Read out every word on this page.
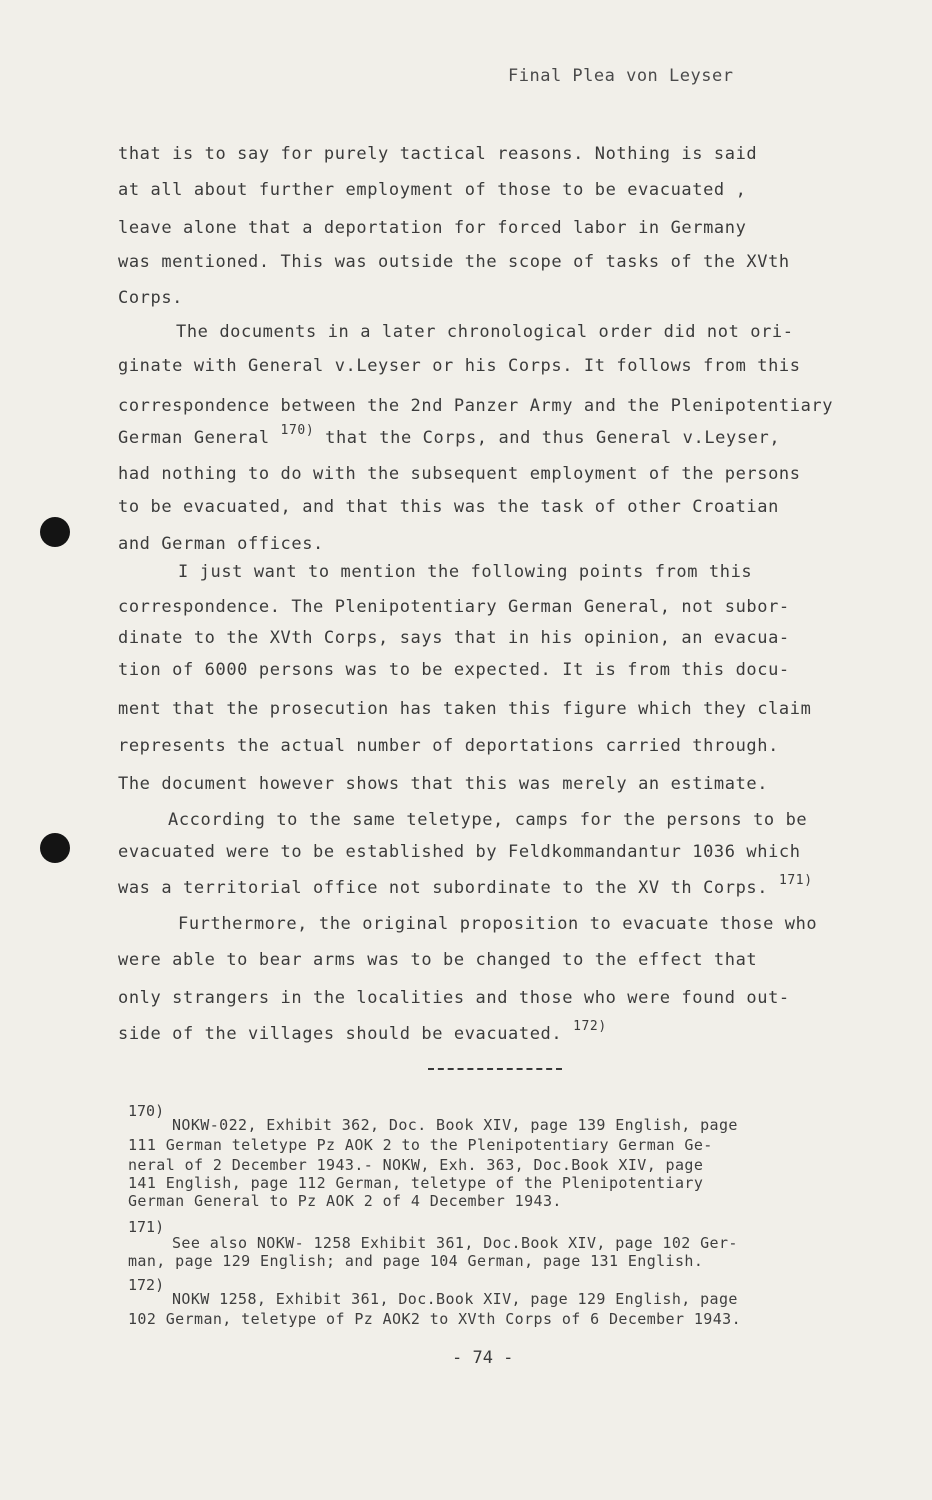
Final Plea von Leyser
that is to say for purely tactical reasons. Nothing is said
at all about further employment of those to be evacuated ,
leave alone that a deportation for forced labor in Germany
was mentioned. This was outside the scope of tasks of the XVth
Corps.
The documents in a later chronological order did not ori-
ginate with General v.Leyser or his Corps. It follows from this
correspondence between the 2nd Panzer Army and the Plenipotentiary
German General $^{170)}$ that the Corps, and thus General v.Leyser,
had nothing to do with the subsequent employment of the persons
to be evacuated, and that this was the task of other Croatian
and German offices.
I just want to mention the following points from this
correspondence. The Plenipotentiary German General, not subor-
dinate to the XVth Corps, says that in his opinion, an evacua-
tion of 6000 persons was to be expected. It is from this docu-
ment that the prosecution has taken this figure which they claim
represents the actual number of deportations carried through.
The document however shows that this was merely an estimate.
According to the same teletype, camps for the persons to be
evacuated were to be established by Feldkommandantur 1036 which
was a territorial office not subordinate to the XV th Corps. $^{171)}$
Furthermore, the original proposition to evacuate those who
were able to bear arms was to be changed to the effect that
only strangers in the localities and those who were found out-
side of the villages should be evacuated. $^{172)}$
170)
NOKW-022, Exhibit 362, Doc. Book XIV, page 139 English, page
111 German teletype Pz AOK 2 to the Plenipotentiary German Ge-
neral of 2 December 1943.- NOKW, Exh. 363, Doc.Book XIV, page
141 English, page 112 German, teletype of the Plenipotentiary
German General to Pz AOK 2 of 4 December 1943.
171)
See also NOKW- 1258 Exhibit 361, Doc.Book XIV, page 102 Ger-
man, page 129 English; and page 104 German, page 131 English.
172)
NOKW 1258, Exhibit 361, Doc.Book XIV, page 129 English, page
102 German, teletype of Pz AOK2 to XVth Corps of 6 December 1943.
- 74 -
